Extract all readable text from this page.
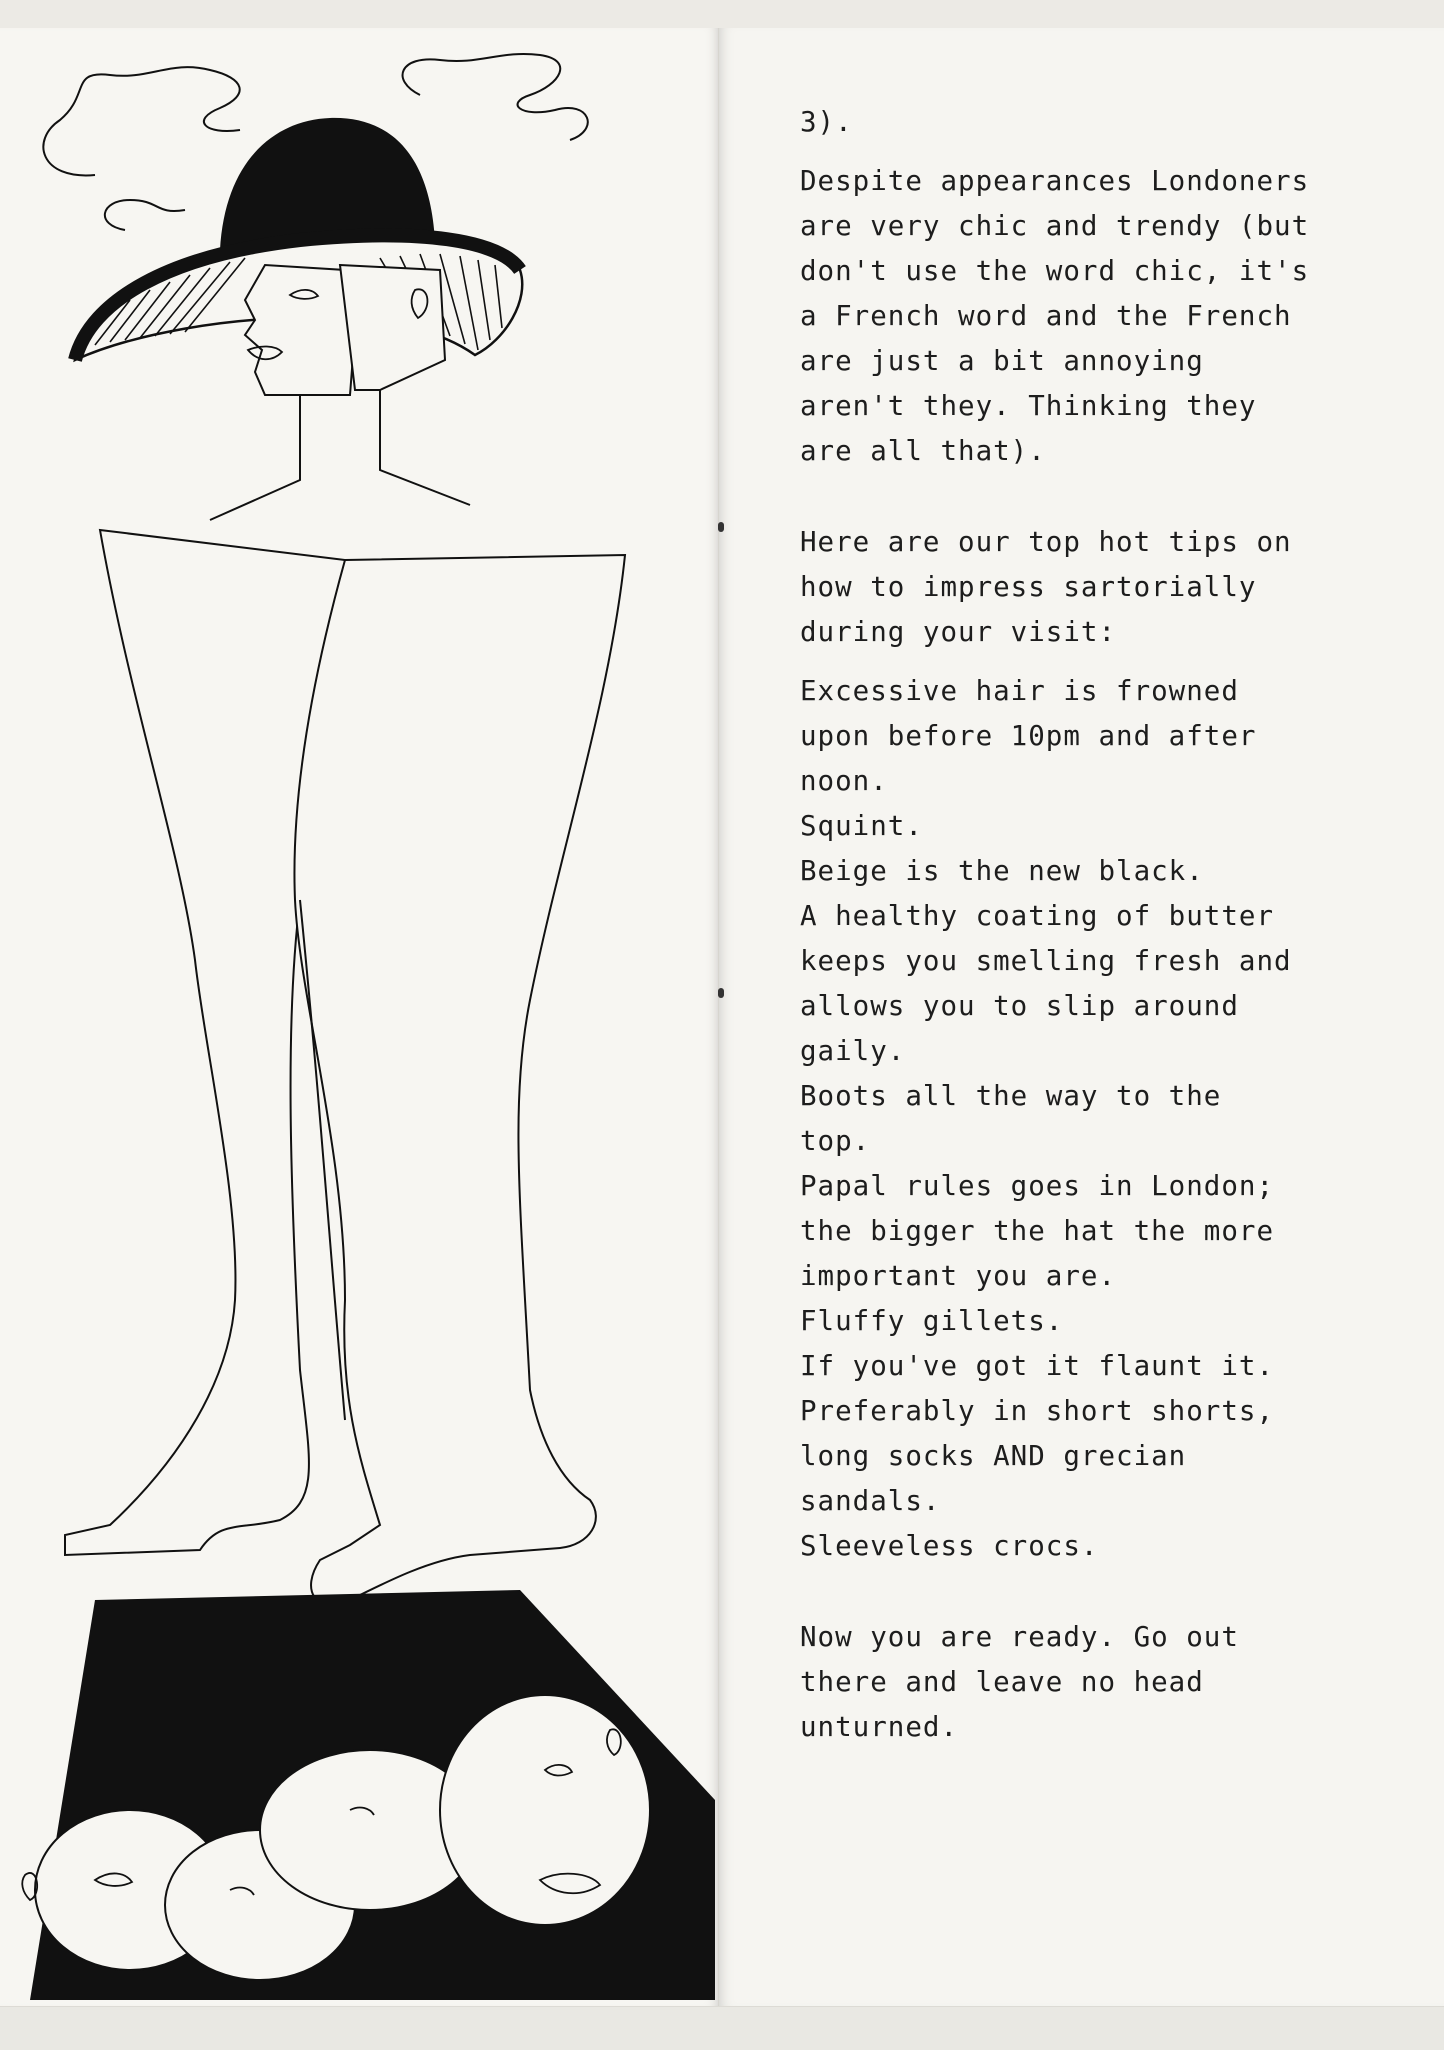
3).
Despite appearances Londoners
are very chic and trendy (but
don't use the word chic, it's
a French word and the French
are just a bit annoying
aren't they. Thinking they
are all that).
Here are our top hot tips on
how to impress sartorially
during your visit:
Excessive hair is frowned
upon before 10pm and after
noon.
Squint.
Beige is the new black.
A healthy coating of butter
keeps you smelling fresh and
allows you to slip around
gaily.
Boots all the way to the
top.
Papal rules goes in London;
the bigger the hat the more
important you are.
Fluffy gillets.
If you've got it flaunt it.
Preferably in short shorts,
long socks AND grecian
sandals.
Sleeveless crocs.
Now you are ready. Go out
there and leave no head
unturned.
